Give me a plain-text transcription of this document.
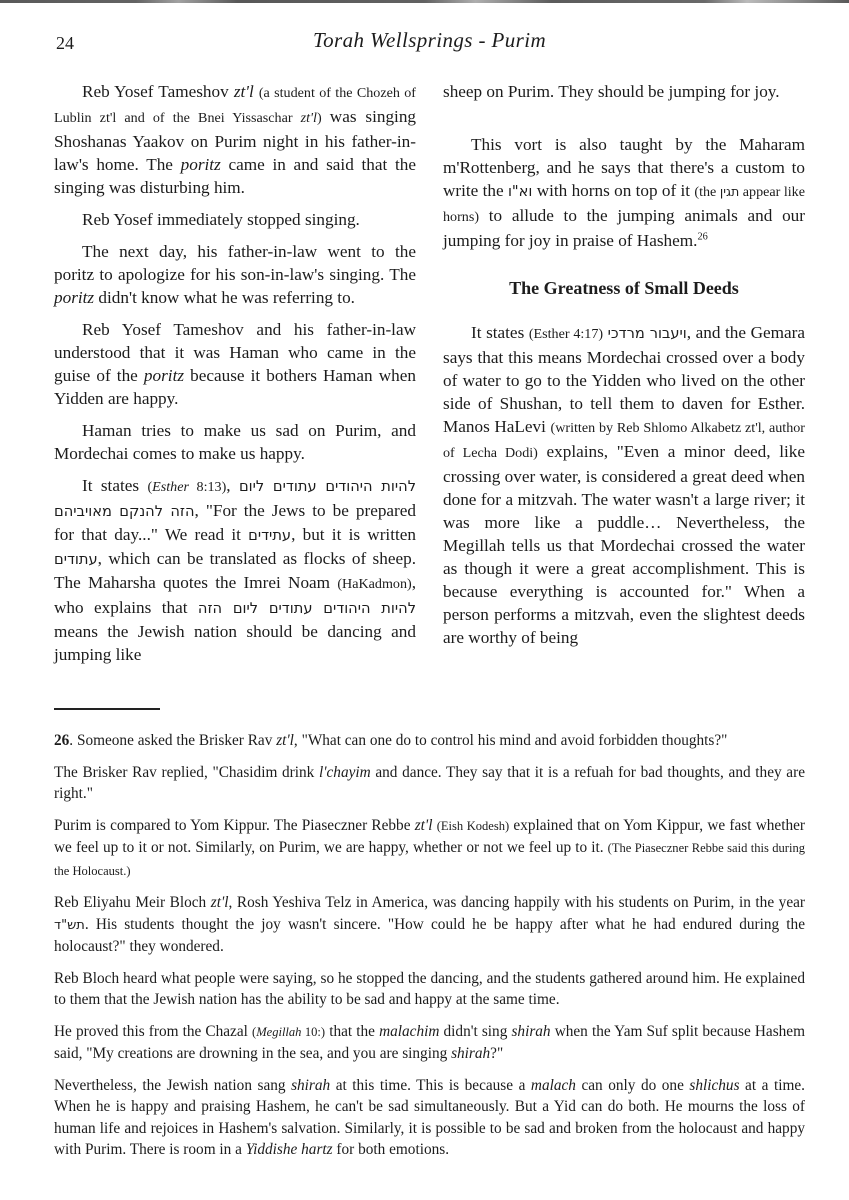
24	Torah Wellsprings - Purim

Reb Yosef Tameshov zt'l (a student of the Chozeh of Lublin zt'l and of the Bnei Yissaschar zt'l) was singing Shoshanas Yaakov on Purim night in his father-in-law's home. The poritz came in and said that the singing was disturbing him.

Reb Yosef immediately stopped singing.

The next day, his father-in-law went to the poritz to apologize for his son-in-law's singing. The poritz didn't know what he was referring to.

Reb Yosef Tameshov and his father-in-law understood that it was Haman who came in the guise of the poritz because it bothers Haman when Yidden are happy.

Haman tries to make us sad on Purim, and Mordechai comes to make us happy.

It states (Esther 8:13), להיות היהודים עתודים ליום הזה להנקם מאויביהם, "For the Jews to be prepared for that day..." We read it עתידים, but it is written עתודים, which can be translated as flocks of sheep. The Maharsha quotes the Imrei Noam (HaKadmon), who explains that להיות היהודים עתודים ליום הזה means the Jewish nation should be dancing and jumping like

sheep on Purim. They should be jumping for joy.

This vort is also taught by the Maharam m'Rottenberg, and he says that there's a custom to write the וא"ו with horns on top of it (the תגין appear like horns) to allude to the jumping animals and our jumping for joy in praise of Hashem.$^{26}$

The Greatness of Small Deeds

It states (Esther 4:17) ויעבור מרדכי, and the Gemara says that this means Mordechai crossed over a body of water to go to the Yidden who lived on the other side of Shushan, to tell them to daven for Esther. Manos HaLevi (written by Reb Shlomo Alkabetz zt'l, author of Lecha Dodi) explains, "Even a minor deed, like crossing over water, is considered a great deed when done for a mitzvah. The water wasn't a large river; it was more like a puddle… Nevertheless, the Megillah tells us that Mordechai crossed the water as though it were a great accomplishment. This is because everything is accounted for." When a person performs a mitzvah, even the slightest deeds are worthy of being

26. Someone asked the Brisker Rav zt'l, "What can one do to control his mind and avoid forbidden thoughts?"

The Brisker Rav replied, "Chasidim drink l'chayim and dance. They say that it is a refuah for bad thoughts, and they are right."

Purim is compared to Yom Kippur. The Piaseczner Rebbe zt'l (Eish Kodesh) explained that on Yom Kippur, we fast whether we feel up to it or not. Similarly, on Purim, we are happy, whether or not we feel up to it. (The Piaseczner Rebbe said this during the Holocaust.)

Reb Eliyahu Meir Bloch zt'l, Rosh Yeshiva Telz in America, was dancing happily with his students on Purim, in the year תש"ד. His students thought the joy wasn't sincere. "How could he be happy after what he had endured during the holocaust?" they wondered.

Reb Bloch heard what people were saying, so he stopped the dancing, and the students gathered around him. He explained to them that the Jewish nation has the ability to be sad and happy at the same time.

He proved this from the Chazal (Megillah 10:) that the malachim didn't sing shirah when the Yam Suf split because Hashem said, "My creations are drowning in the sea, and you are singing shirah?"

Nevertheless, the Jewish nation sang shirah at this time. This is because a malach can only do one shlichus at a time. When he is happy and praising Hashem, he can't be sad simultaneously. But a Yid can do both. He mourns the loss of human life and rejoices in Hashem's salvation. Similarly, it is possible to be sad and broken from the holocaust and happy with Purim. There is room in a Yiddishe hartz for both emotions.
